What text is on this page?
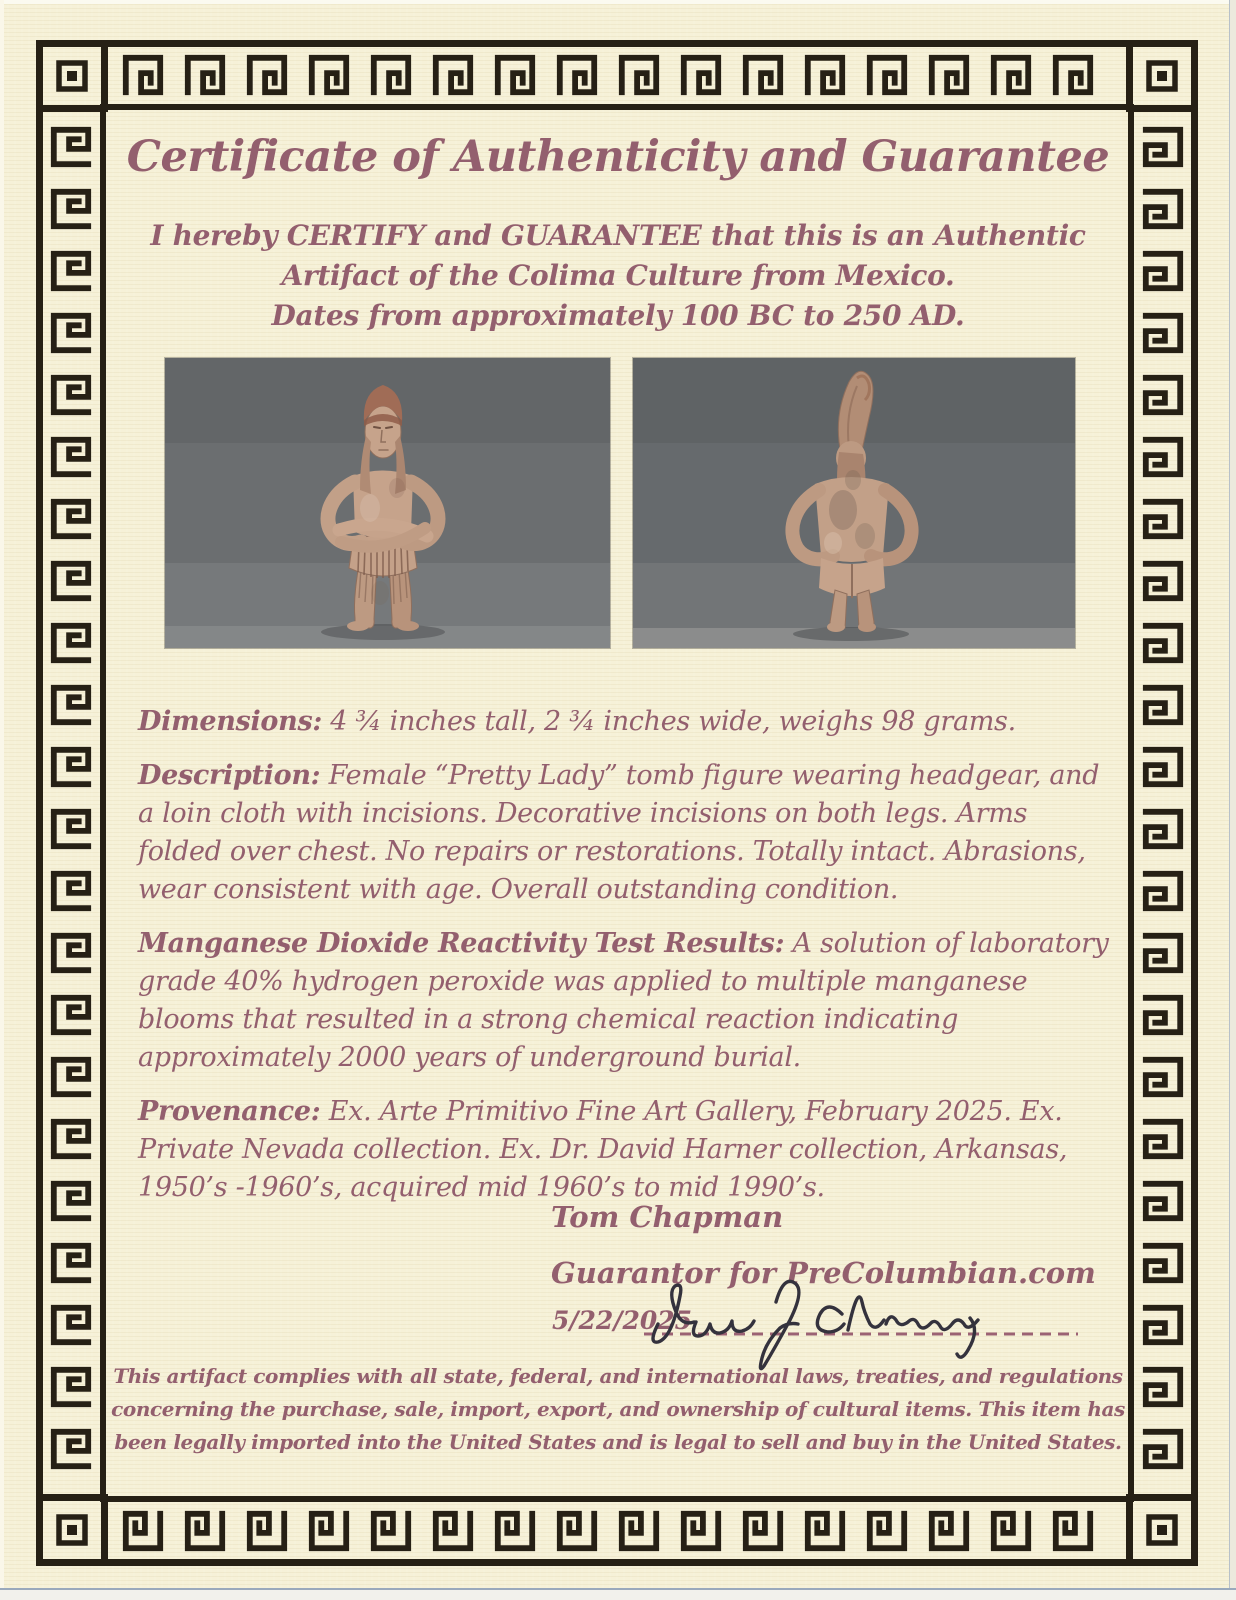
Certificate of Authenticity and Guarantee
I hereby CERTIFY and GUARANTEE that this is an Authentic
Artifact of the Colima Culture from Mexico.
Dates from approximately 100 BC to 250 AD.

Dimensions: 4 ¾ inches tall, 2 ¾ inches wide, weighs 98 grams.

Description: Female “Pretty Lady” tomb figure wearing headgear, and a loin cloth with incisions. Decorative incisions on both legs. Arms folded over chest. No repairs or restorations. Totally intact. Abrasions, wear consistent with age. Overall outstanding condition.

Manganese Dioxide Reactivity Test Results: A solution of laboratory grade 40% hydrogen peroxide was applied to multiple manganese blooms that resulted in a strong chemical reaction indicating approximately 2000 years of underground burial.

Provenance: Ex. Arte Primitivo Fine Art Gallery, February 2025. Ex. Private Nevada collection. Ex. Dr. David Harner collection, Arkansas, 1950’s -1960’s, acquired mid 1960’s to mid 1990’s.

Tom Chapman
Guarantor for PreColumbian.com
5/22/2025
This artifact complies with all state, federal, and international laws, treaties, and regulations concerning the purchase, sale, import, export, and ownership of cultural items. This item has been legally imported into the United States and is legal to sell and buy in the United States.
